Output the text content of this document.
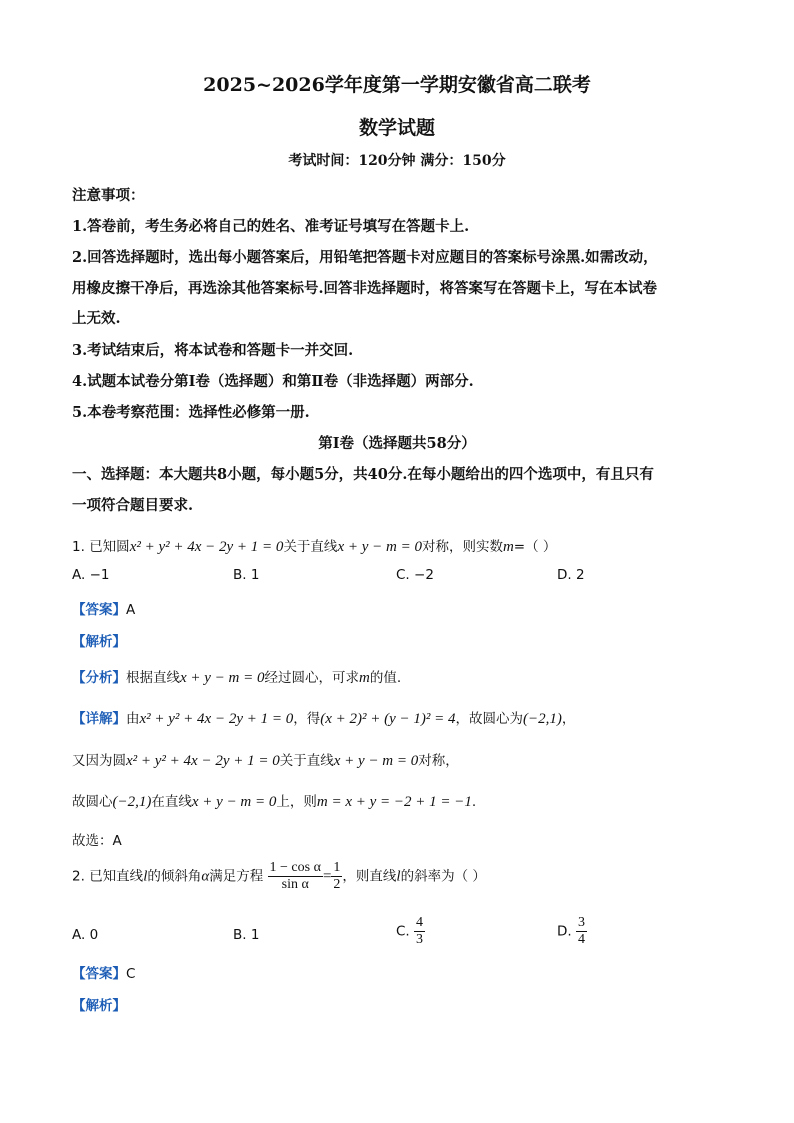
2025~2026学年度第一学期安徽省高二联考
数学试题
考试时间：120分钟 满分：150分
注意事项：
1.答卷前，考生务必将自己的姓名、准考证号填写在答题卡上.
2.回答选择题时，选出每小题答案后，用铅笔把答题卡对应题目的答案标号涂黑.如需改动，
用橡皮擦干净后，再选涂其他答案标号.回答非选择题时，将答案写在答题卡上，写在本试卷
上无效.
3.考试结束后，将本试卷和答题卡一并交回.
4.试题本试卷分第Ⅰ卷（选择题）和第Ⅱ卷（非选择题）两部分.
5.本卷考察范围：选择性必修第一册.
第Ⅰ卷（选择题共58分）
一、选择题：本大题共8小题，每小题5分，共40分.在每小题给出的四个选项中，有且只有
一项符合题目要求.
1. 已知圆x² + y² + 4x − 2y + 1 = 0关于直线x + y − m = 0对称，则实数m=（ ）
A. −1	B. 1	C. −2	D. 2
【答案】A
【解析】
【分析】根据直线x + y − m = 0经过圆心，可求m的值.
【详解】由x² + y² + 4x − 2y + 1 = 0，得(x + 2)² + (y − 1)² = 4，故圆心为(−2,1)，
又因为圆x² + y² + 4x − 2y + 1 = 0关于直线x + y − m = 0对称，
故圆心(−2,1)在直线x + y − m = 0上，则m = x + y = −2 + 1 = −1.
故选：A
2. 已知直线l的倾斜角α满足方程 $\frac{\text{1 − cos α}}{\text{sin α}} = \frac{1}{2}$ ，则直线l的斜率为（ ）
A. 0	B. 1	C. $\frac{4}{3}$	D. $\frac{3}{4}$
【答案】C
【解析】
